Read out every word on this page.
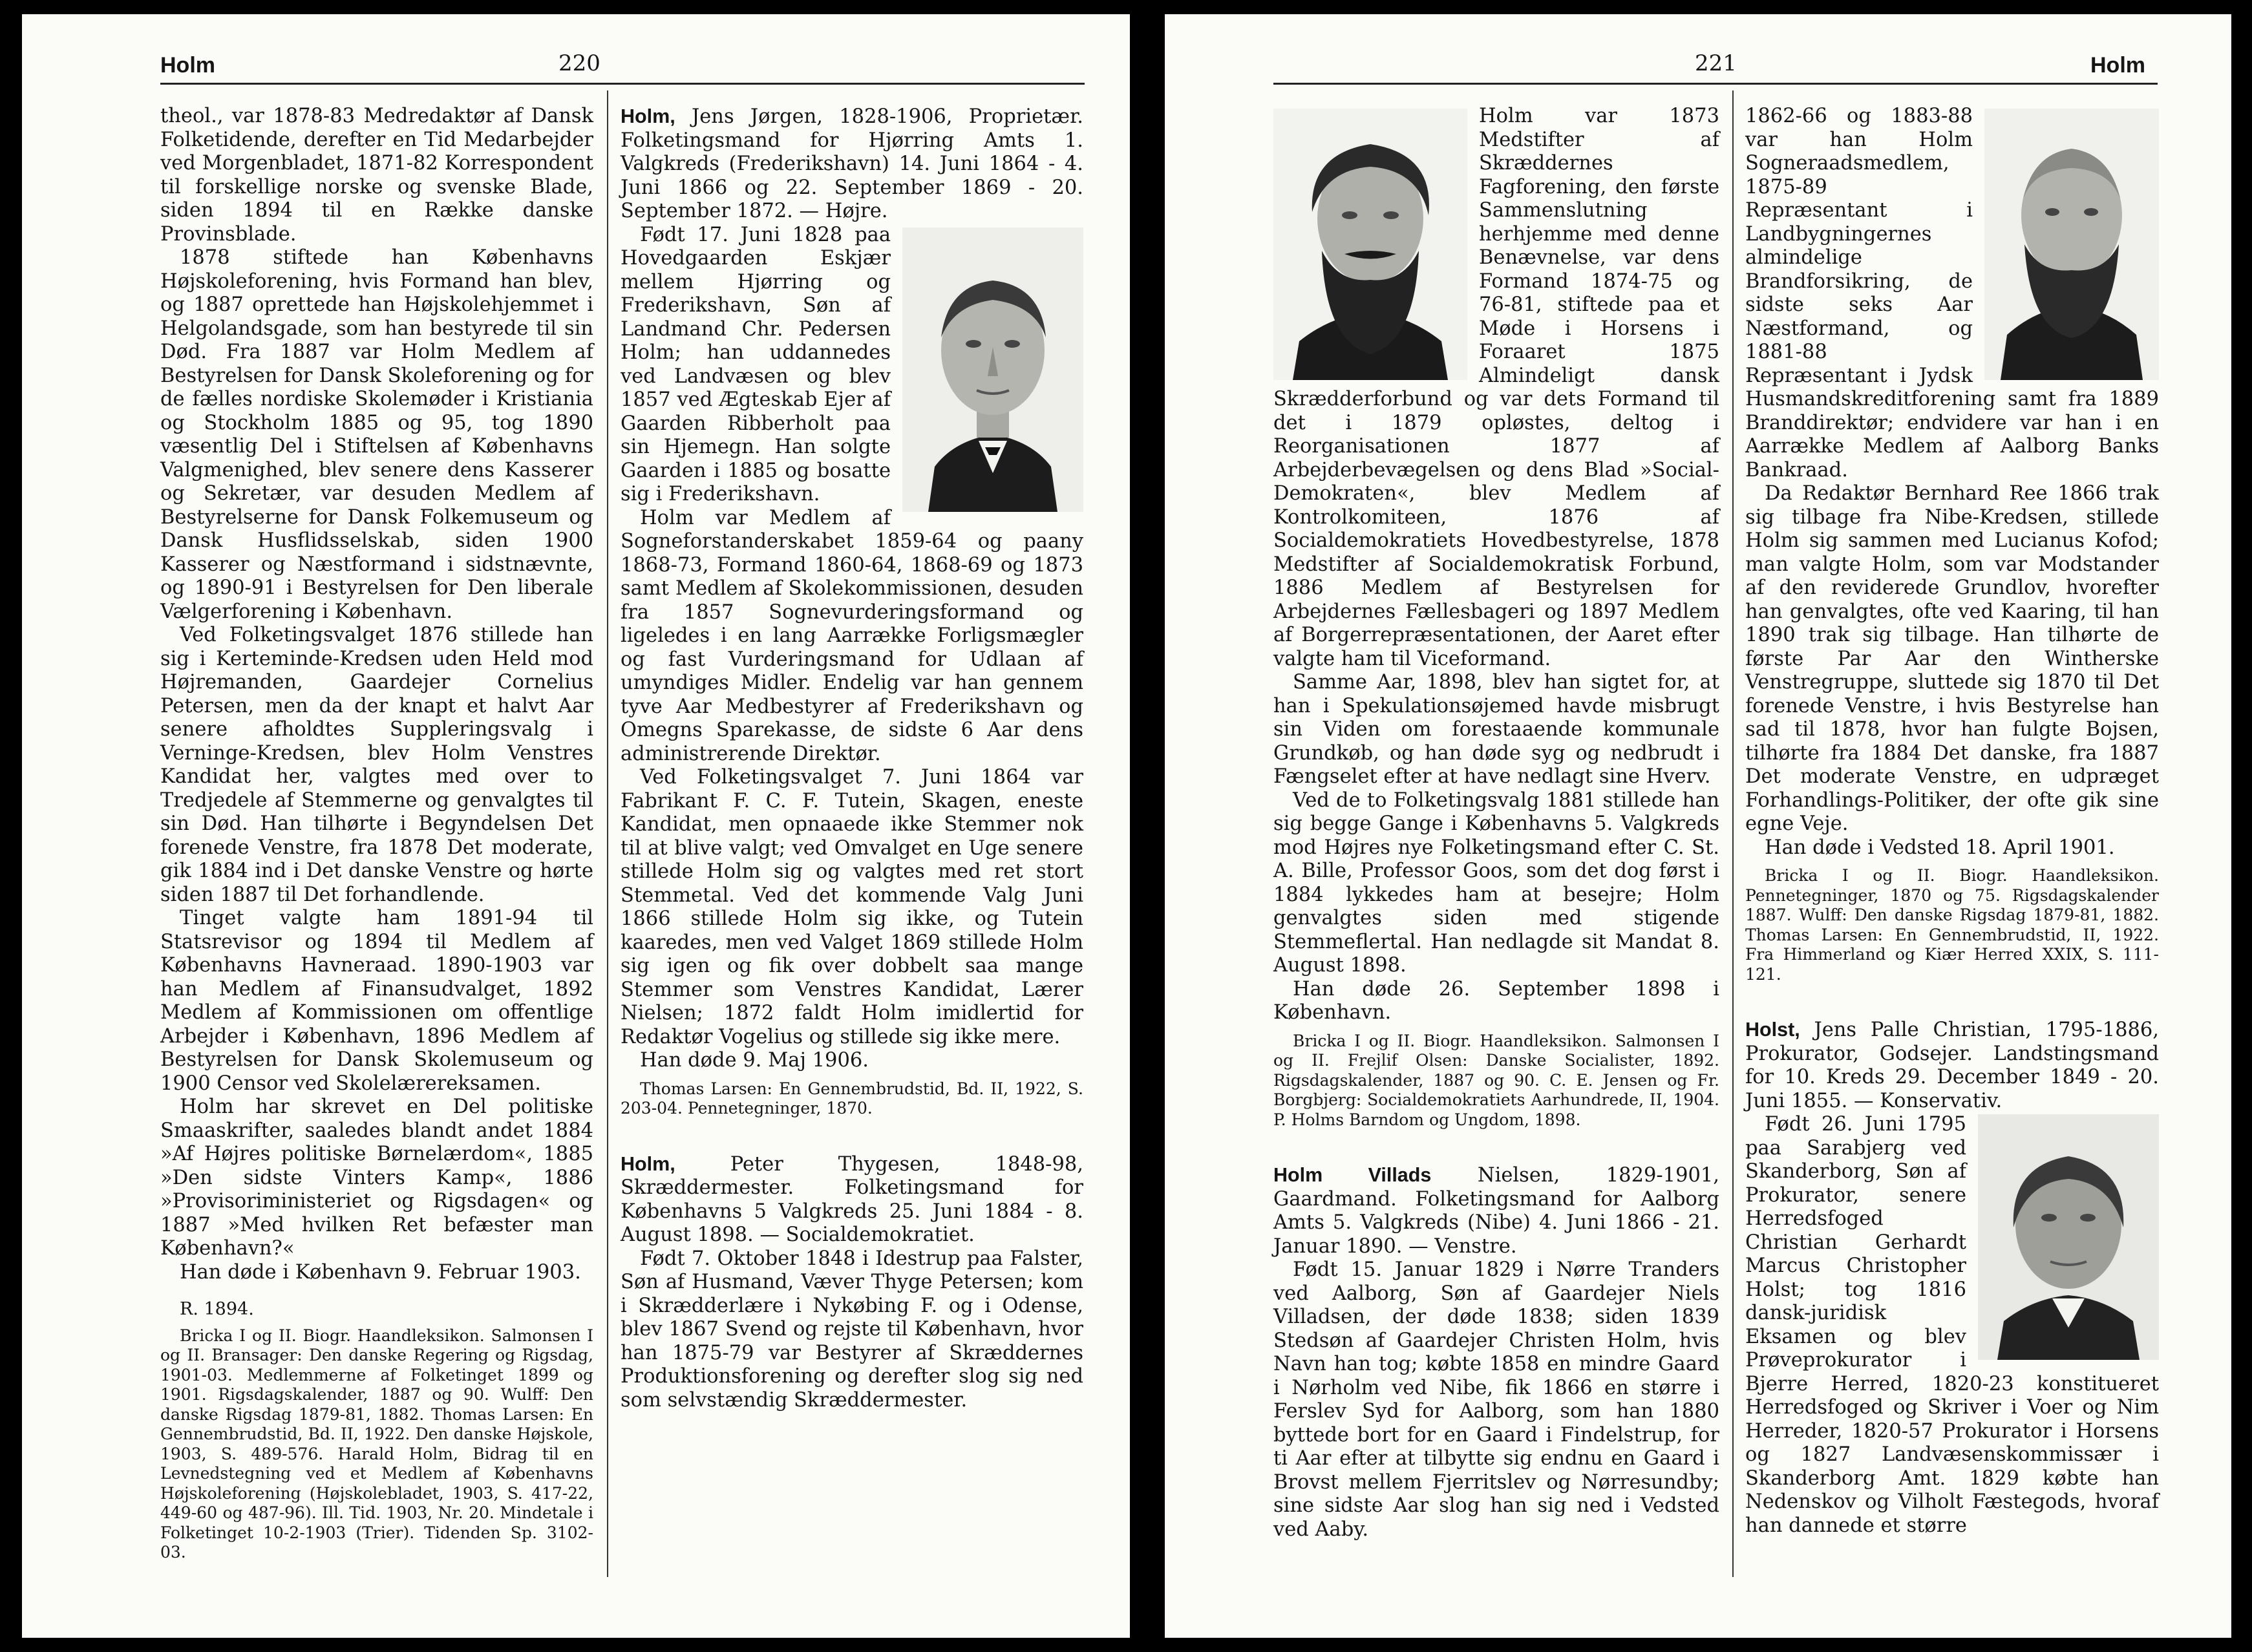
Holm	220

theol., var 1878-83 Medredaktør af Dansk Folketidende, derefter en Tid Medarbejder ved Morgenbladet, 1871-82 Korrespondent til forskellige norske og svenske Blade, siden 1894 til en Række danske Provinsblade.

1878 stiftede han Københavns Højskoleforening, hvis Formand han blev, og 1887 oprettede han Højskolehjemmet i Helgolandsgade, som han bestyrede til sin Død. Fra 1887 var Holm Medlem af Bestyrelsen for Dansk Skoleforening og for de fælles nordiske Skolemøder i Kristiania og Stockholm 1885 og 95, tog 1890 væsentlig Del i Stiftelsen af Københavns Valgmenighed, blev senere dens Kasserer og Sekretær, var desuden Medlem af Bestyrelserne for Dansk Folkemuseum og Dansk Husflidsselskab, siden 1900 Kasserer og Næstformand i sidstnævnte, og 1890-91 i Bestyrelsen for Den liberale Vælgerforening i København.

Ved Folketingsvalget 1876 stillede han sig i Kerteminde-Kredsen uden Held mod Højremanden, Gaardejer Cornelius Petersen, men da der knapt et halvt Aar senere afholdtes Suppleringsvalg i Verninge-Kredsen, blev Holm Venstres Kandidat her, valgtes med over to Tredjedele af Stemmerne og genvalgtes til sin Død. Han tilhørte i Begyndelsen Det forenede Venstre, fra 1878 Det moderate, gik 1884 ind i Det danske Venstre og hørte siden 1887 til Det forhandlende.

Tinget valgte ham 1891-94 til Statsrevisor og 1894 til Medlem af Københavns Havneraad. 1890-1903 var han Medlem af Finansudvalget, 1892 Medlem af Kommissionen om offentlige Arbejder i København, 1896 Medlem af Bestyrelsen for Dansk Skolemuseum og 1900 Censor ved Skolelærereksamen.

Holm har skrevet en Del politiske Smaaskrifter, saaledes blandt andet 1884 »Af Højres politiske Børnelærdom«, 1885 »Den sidste Vinters Kamp«, 1886 »Provisoriministeriet og Rigsdagen« og 1887 »Med hvilken Ret befæster man København?«

Han døde i København 9. Februar 1903.

R. 1894.

Bricka I og II. Biogr. Haandleksikon. Salmonsen I og II. Bransager: Den danske Regering og Rigsdag, 1901-03. Medlemmerne af Folketinget 1899 og 1901. Rigsdagskalender, 1887 og 90. Wulff: Den danske Rigsdag 1879-81, 1882. Thomas Larsen: En Gennembrudstid, Bd. II, 1922. Den danske Højskole, 1903, S. 489-576. Harald Holm, Bidrag til en Levnedstegning ved et Medlem af Københavns Højskoleforening (Højskolebladet, 1903, S. 417-22, 449-60 og 487-96). Ill. Tid. 1903, Nr. 20. Mindetale i Folketinget 10-2-1903 (Trier). Tidenden Sp. 3102-03.

Holm, Jens Jørgen, 1828-1906, Proprietær. Folketingsmand for Hjørring Amts 1. Valgkreds (Frederikshavn) 14. Juni 1864 - 4. Juni 1866 og 22. September 1869 - 20. September 1872. — Højre.

Født 17. Juni 1828 paa Hovedgaarden Eskjær mellem Hjørring og Frederikshavn, Søn af Landmand Chr. Pedersen Holm; han uddannedes ved Landvæsen og blev 1857 ved Ægteskab Ejer af Gaarden Ribberholt paa sin Hjemegn. Han solgte Gaarden i 1885 og bosatte sig i Frederikshavn.

Holm var Medlem af Sogneforstanderskabet 1859-64 og paany 1868-73, Formand 1860-64, 1868-69 og 1873 samt Medlem af Skolekommissionen, desuden fra 1857 Sognevurderingsformand og ligeledes i en lang Aarrække Forligsmægler og fast Vurderingsmand for Udlaan af umyndiges Midler. Endelig var han gennem tyve Aar Medbestyrer af Frederikshavn og Omegns Sparekasse, de sidste 6 Aar dens administrerende Direktør.

Ved Folketingsvalget 7. Juni 1864 var Fabrikant F. C. F. Tutein, Skagen, eneste Kandidat, men opnaaede ikke Stemmer nok til at blive valgt; ved Omvalget en Uge senere stillede Holm sig og valgtes med ret stort Stemmetal. Ved det kommende Valg Juni 1866 stillede Holm sig ikke, og Tutein kaaredes, men ved Valget 1869 stillede Holm sig igen og fik over dobbelt saa mange Stemmer som Venstres Kandidat, Lærer Nielsen; 1872 faldt Holm imidlertid for Redaktør Vogelius og stillede sig ikke mere.

Han døde 9. Maj 1906.

Thomas Larsen: En Gennembrudstid, Bd. II, 1922, S. 203-04. Pennetegninger, 1870.

Holm, Peter Thygesen, 1848-98, Skræddermester. Folketingsmand for Københavns 5 Valgkreds 25. Juni 1884 - 8. August 1898. — Socialdemokratiet.

Født 7. Oktober 1848 i Idestrup paa Falster, Søn af Husmand, Væver Thyge Petersen; kom i Skrædderlære i Nykøbing F. og i Odense, blev 1867 Svend og rejste til København, hvor han 1875-79 var Bestyrer af Skræddernes Produktionsforening og derefter slog sig ned som selvstændig Skræddermester.

221	Holm

Holm var 1873 Medstifter af Skræddernes Fagforening, den første Sammenslutning herhjemme med denne Benævnelse, var dens Formand 1874-75 og 76-81, stiftede paa et Møde i Horsens i Foraaret 1875 Almindeligt dansk Skrædderforbund og var dets Formand til det i 1879 opløstes, deltog i Reorganisationen 1877 af Arbejderbevægelsen og dens Blad »Social-Demokraten«, blev Medlem af Kontrolkomiteen, 1876 af Socialdemokratiets Hovedbestyrelse, 1878 Medstifter af Socialdemokratisk Forbund, 1886 Medlem af Bestyrelsen for Arbejdernes Fællesbageri og 1897 Medlem af Borgerrepræsentationen, der Aaret efter valgte ham til Viceformand.

Samme Aar, 1898, blev han sigtet for, at han i Spekulationsøjemed havde misbrugt sin Viden om forestaaende kommunale Grundkøb, og han døde syg og nedbrudt i Fængselet efter at have nedlagt sine Hverv.

Ved de to Folketingsvalg 1881 stillede han sig begge Gange i Københavns 5. Valgkreds mod Højres nye Folketingsmand efter C. St. A. Bille, Professor Goos, som det dog først i 1884 lykkedes ham at besejre; Holm genvalgtes siden med stigende Stemmeflertal. Han nedlagde sit Mandat 8. August 1898.

Han døde 26. September 1898 i København.

Bricka I og II. Biogr. Haandleksikon. Salmonsen I og II. Frejlif Olsen: Danske Socialister, 1892. Rigsdagskalender, 1887 og 90. C. E. Jensen og Fr. Borgbjerg: Socialdemokratiets Aarhundrede, II, 1904. P. Holms Barndom og Ungdom, 1898.

Holm Villads Nielsen, 1829-1901, Gaardmand. Folketingsmand for Aalborg Amts 5. Valgkreds (Nibe) 4. Juni 1866 - 21. Januar 1890. — Venstre.

Født 15. Januar 1829 i Nørre Tranders ved Aalborg, Søn af Gaardejer Niels Villadsen, der døde 1838; siden 1839 Stedsøn af Gaardejer Christen Holm, hvis Navn han tog; købte 1858 en mindre Gaard i Nørholm ved Nibe, fik 1866 en større i Ferslev Syd for Aalborg, som han 1880 byttede bort for en Gaard i Findelstrup, for ti Aar efter at tilbytte sig endnu en Gaard i Brovst mellem Fjerritslev og Nørresundby; sine sidste Aar slog han sig ned i Vedsted ved Aaby.

1862-66 og 1883-88 var han Holm Sogneraadsmedlem, 1875-89 Repræsentant i Landbygningernes almindelige Brandforsikring, de sidste seks Aar Næstformand, og 1881-88 Repræsentant i Jydsk Husmandskreditforening samt fra 1889 Branddirektør; endvidere var han i en Aarrække Medlem af Aalborg Banks Bankraad.

Da Redaktør Bernhard Ree 1866 trak sig tilbage fra Nibe-Kredsen, stillede Holm sig sammen med Lucianus Kofod; man valgte Holm, som var Modstander af den reviderede Grundlov, hvorefter han genvalgtes, ofte ved Kaaring, til han 1890 trak sig tilbage. Han tilhørte de første Par Aar den Wintherske Venstregruppe, sluttede sig 1870 til Det forenede Venstre, i hvis Bestyrelse han sad til 1878, hvor han fulgte Bojsen, tilhørte fra 1884 Det danske, fra 1887 Det moderate Venstre, en udpræget Forhandlings-Politiker, der ofte gik sine egne Veje.

Han døde i Vedsted 18. April 1901.

Bricka I og II. Biogr. Haandleksikon. Pennetegninger, 1870 og 75. Rigsdagskalender 1887. Wulff: Den danske Rigsdag 1879-81, 1882. Thomas Larsen: En Gennembrudstid, II, 1922. Fra Himmerland og Kiær Herred XXIX, S. 111-121.

Holst, Jens Palle Christian, 1795-1886, Prokurator, Godsejer. Landstingsmand for 10. Kreds 29. December 1849 - 20. Juni 1855. — Konservativ.

Født 26. Juni 1795 paa Sarabjerg ved Skanderborg, Søn af Prokurator, senere Herredsfoged Christian Gerhardt Marcus Christopher Holst; tog 1816 dansk-juridisk Eksamen og blev Prøveprokurator i Bjerre Herred, 1820-23 konstitueret Herredsfoged og Skriver i Voer og Nim Herreder, 1820-57 Prokurator i Horsens og 1827 Landvæsenskommissær i Skanderborg Amt. 1829 købte han Nedenskov og Vilholt Fæstegods, hvoraf han dannede et større
